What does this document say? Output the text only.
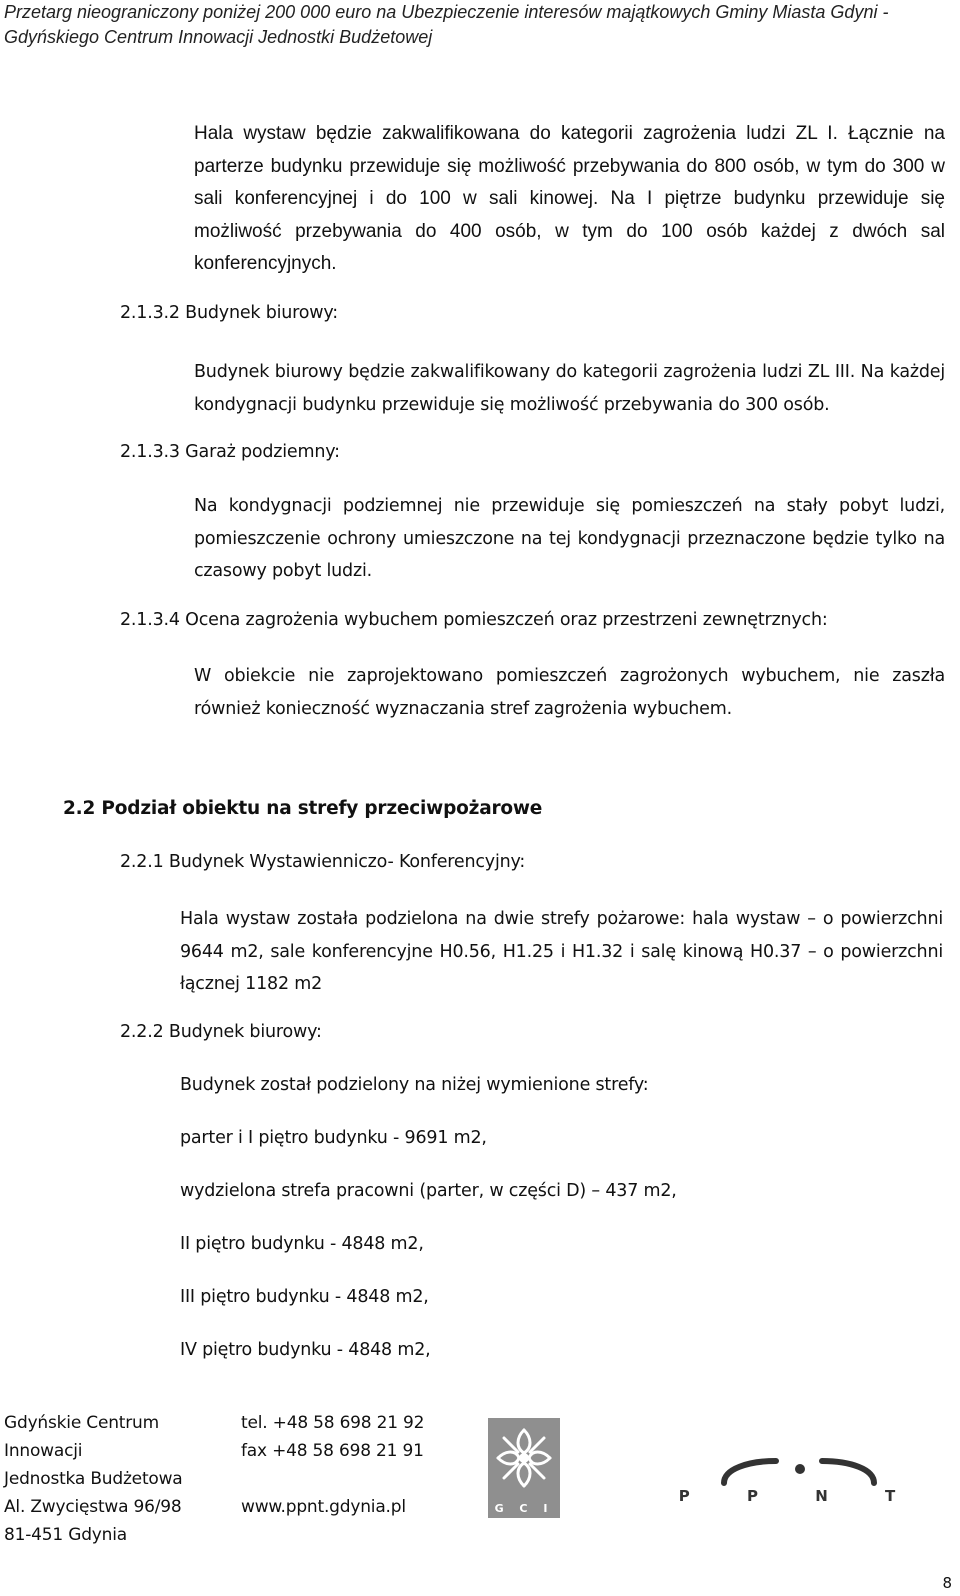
Przetarg nieograniczony poniżej 200 000 euro na Ubezpieczenie interesów majątkowych Gminy Miasta Gdyni -
Gdyńskiego Centrum Innowacji Jednostki Budżetowej

Hala wystaw będzie zakwalifikowana do kategorii zagrożenia ludzi ZL I. Łącznie na parterze budynku przewiduje się możliwość przebywania do 800 osób, w tym do 300 w sali konferencyjnej i do 100 w sali kinowej. Na I piętrze budynku przewiduje się możliwość przebywania do 400 osób, w tym do 100 osób każdej z dwóch sal konferencyjnych.

2.1.3.2 Budynek biurowy:

Budynek biurowy będzie zakwalifikowany do kategorii zagrożenia ludzi ZL III. Na każdej kondygnacji budynku przewiduje się możliwość przebywania do 300 osób.

2.1.3.3 Garaż podziemny:

Na kondygnacji podziemnej nie przewiduje się pomieszczeń na stały pobyt ludzi, pomieszczenie ochrony umieszczone na tej kondygnacji przeznaczone będzie tylko na czasowy pobyt ludzi.

2.1.3.4 Ocena zagrożenia wybuchem pomieszczeń oraz przestrzeni zewnętrznych:

W obiekcie nie zaprojektowano pomieszczeń zagrożonych wybuchem, nie zaszła również konieczność wyznaczania stref zagrożenia wybuchem.

2.2 Podział obiektu na strefy przeciwpożarowe

2.2.1 Budynek Wystawienniczo- Konferencyjny:

Hala wystaw została podzielona na dwie strefy pożarowe: hala wystaw – o powierzchni 9644 m2, sale konferencyjne H0.56, H1.25 i H1.32 i salę kinową H0.37 – o powierzchni łącznej 1182 m2

2.2.2 Budynek biurowy:

Budynek został podzielony na niżej wymienione strefy:

parter i I piętro budynku - 9691 m2,

wydzielona strefa pracowni (parter, w części D) – 437 m2,

II piętro budynku - 4848 m2,

III piętro budynku - 4848 m2,

IV piętro budynku - 4848 m2,

Gdyńskie Centrum
Innowacji
Jednostka Budżetowa
Al. Zwycięstwa 96/98
81-451 Gdynia
tel. +48 58 698 21 92
fax +48 58 698 21 91

www.ppnt.gdynia.pl	G C I
P P N T
8
